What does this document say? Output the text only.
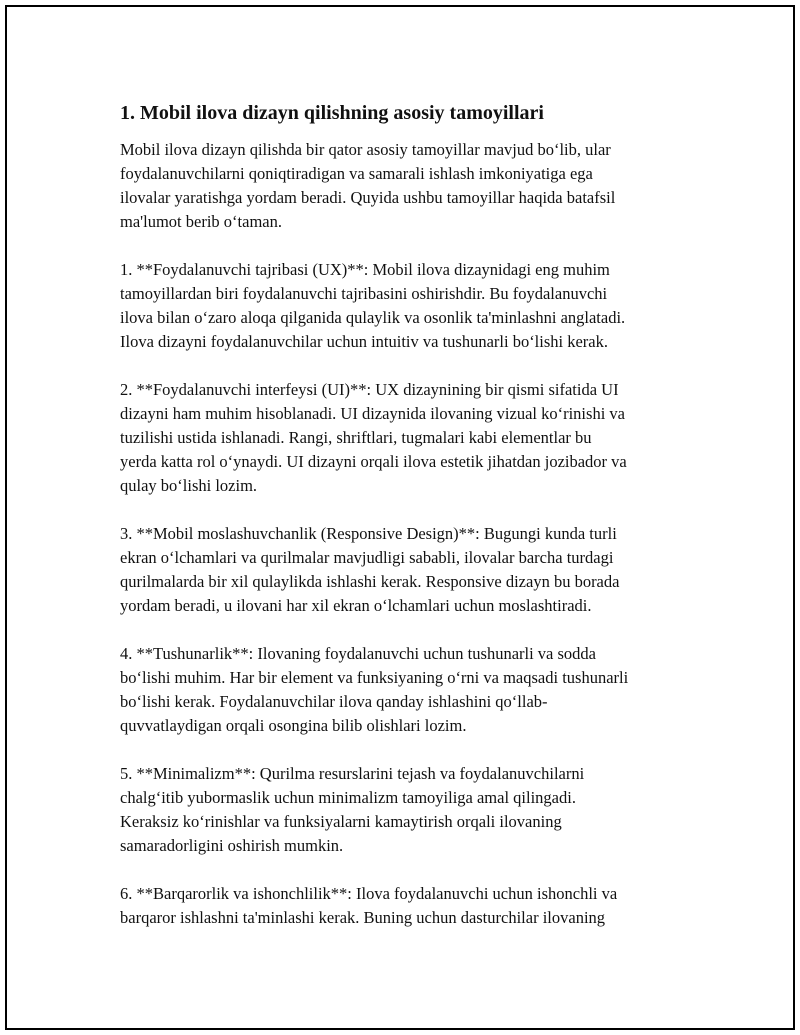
1. Mobil ilova dizayn qilishning asosiy tamoyillari
Mobil ilova dizayn qilishda bir qator asosiy tamoyillar mavjud bo‘lib, ular
foydalanuvchilarni qoniqtiradigan va samarali ishlash imkoniyatiga ega
ilovalar yaratishga yordam beradi. Quyida ushbu tamoyillar haqida batafsil
ma'lumot berib o‘taman.
1. **Foydalanuvchi tajribasi (UX)**: Mobil ilova dizaynidagi eng muhim
tamoyillardan biri foydalanuvchi tajribasini oshirishdir. Bu foydalanuvchi
ilova bilan o‘zaro aloqa qilganida qulaylik va osonlik ta'minlashni anglatadi.
Ilova dizayni foydalanuvchilar uchun intuitiv va tushunarli bo‘lishi kerak.
2. **Foydalanuvchi interfeysi (UI)**: UX dizaynining bir qismi sifatida UI
dizayni ham muhim hisoblanadi. UI dizaynida ilovaning vizual ko‘rinishi va
tuzilishi ustida ishlanadi. Rangi, shriftlari, tugmalari kabi elementlar bu
yerda katta rol o‘ynaydi. UI dizayni orqali ilova estetik jihatdan jozibador va
qulay bo‘lishi lozim.
3. **Mobil moslashuvchanlik (Responsive Design)**: Bugungi kunda turli
ekran o‘lchamlari va qurilmalar mavjudligi sababli, ilovalar barcha turdagi
qurilmalarda bir xil qulaylikda ishlashi kerak. Responsive dizayn bu borada
yordam beradi, u ilovani har xil ekran o‘lchamlari uchun moslashtiradi.
4. **Tushunarlik**: Ilovaning foydalanuvchi uchun tushunarli va sodda
bo‘lishi muhim. Har bir element va funksiyaning o‘rni va maqsadi tushunarli
bo‘lishi kerak. Foydalanuvchilar ilova qanday ishlashini qo‘llab-
quvvatlaydigan orqali osongina bilib olishlari lozim.
5. **Minimalizm**: Qurilma resurslarini tejash va foydalanuvchilarni
chalg‘itib yubormaslik uchun minimalizm tamoyiliga amal qilingadi.
Keraksiz ko‘rinishlar va funksiyalarni kamaytirish orqali ilovaning
samaradorligini oshirish mumkin.
6. **Barqarorlik va ishonchlilik**: Ilova foydalanuvchi uchun ishonchli va
barqaror ishlashni ta'minlashi kerak. Buning uchun dasturchilar ilovaning
